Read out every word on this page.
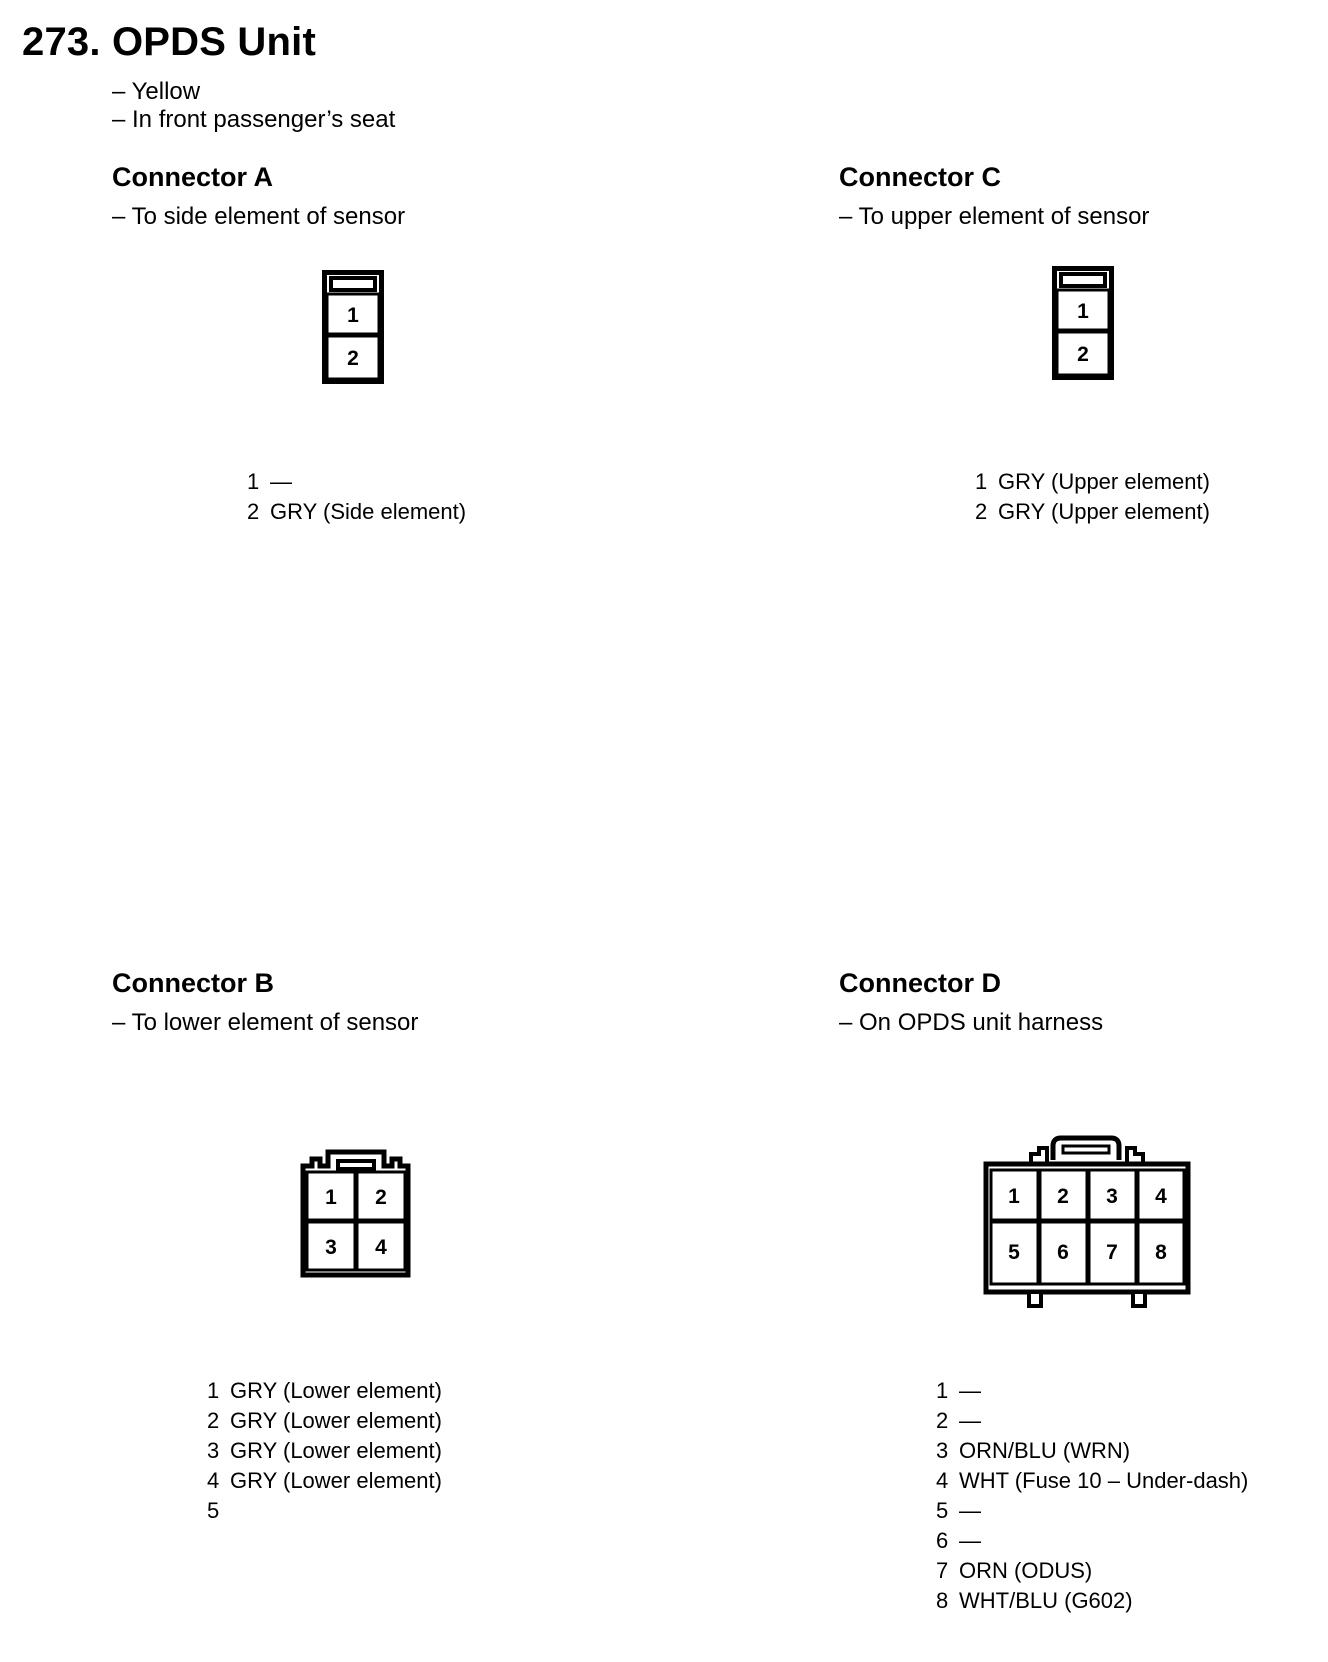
273. OPDS Unit
– Yellow
– In front passenger’s seat
Connector A
– To side element of sensor
1
2
1 —
2 GRY (Side element)
Connector C
– To upper element of sensor
1
2
1 GRY (Upper element)
2 GRY (Upper element)
Connector B
– To lower element of sensor
1 2
3 4
1 GRY (Lower element)
2 GRY (Lower element)
3 GRY (Lower element)
4 GRY (Lower element)
5
Connector D
– On OPDS unit harness
1 2 3 4
5 6 7 8
1 —
2 —
3 ORN/BLU (WRN)
4 WHT (Fuse 10 – Under-dash)
5 —
6 —
7 ORN (ODUS)
8 WHT/BLU (G602)
